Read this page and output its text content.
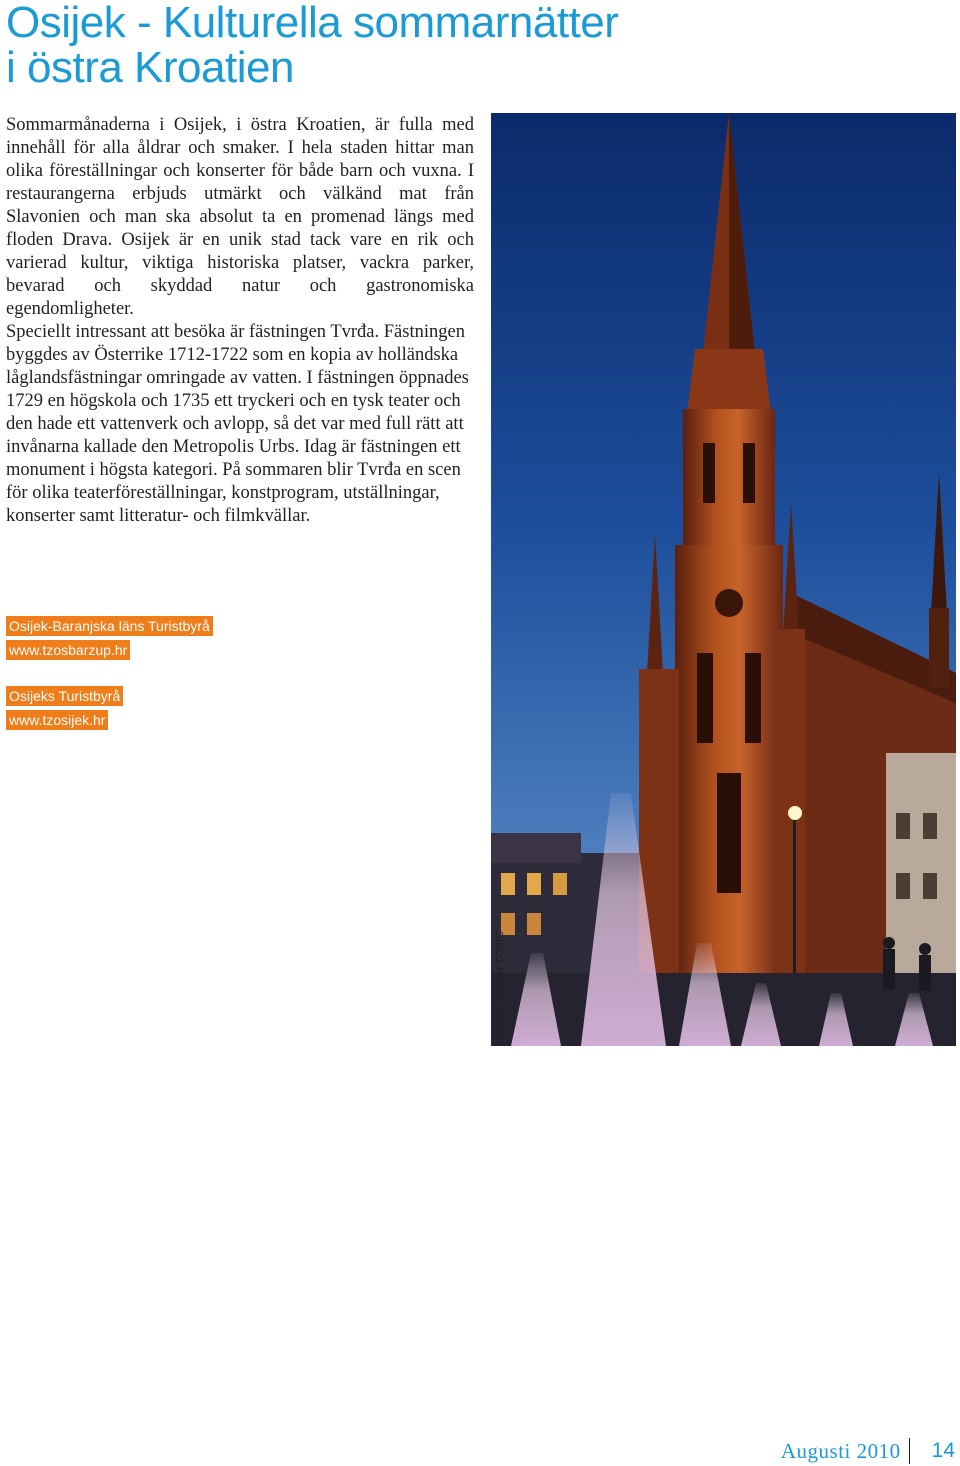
Osijek - Kulturella sommarnätter
i östra Kroatien

Sommarmånaderna i Osijek, i östra Kroatien, är fulla med innehåll för alla åldrar och smaker. I hela staden hittar man olika föreställningar och konserter för både barn och vuxna. I restaurangerna erbjuds utmärkt och välkänd mat från Slavonien och man ska absolut ta en promenad längs med floden Drava. Osijek är en unik stad tack vare en rik och varierad kultur, viktiga historiska platser, vackra parker, bevarad och skyddad natur och gastronomiska egendomligheter.

Speciellt intressant att besöka är fästningen Tvrđa. Fästningen byggdes av Österrike 1712-1722 som en kopia av holländska låglandsfästningar omringade av vatten. I fästningen öppnades 1729 en högskola och 1735 ett tryckeri och en tysk teater och den hade ett vattenverk och avlopp, så det var med full rätt att invånarna kallade den Metropolis Urbs. Idag är fästningen ett monument i högsta kategori. På sommaren blir Tvrđa en scen för olika teaterföreställningar, konstprogram, utställningar, konserter samt litteratur- och filmkvällar.

Osijek-Baranjska läns Turistbyrå
www.tzosbarzup.hr
Osijeks Turistbyrå
www.tzosijek.hr
PHOTO: MARIN TOPIĆ
Augusti 2010 14
